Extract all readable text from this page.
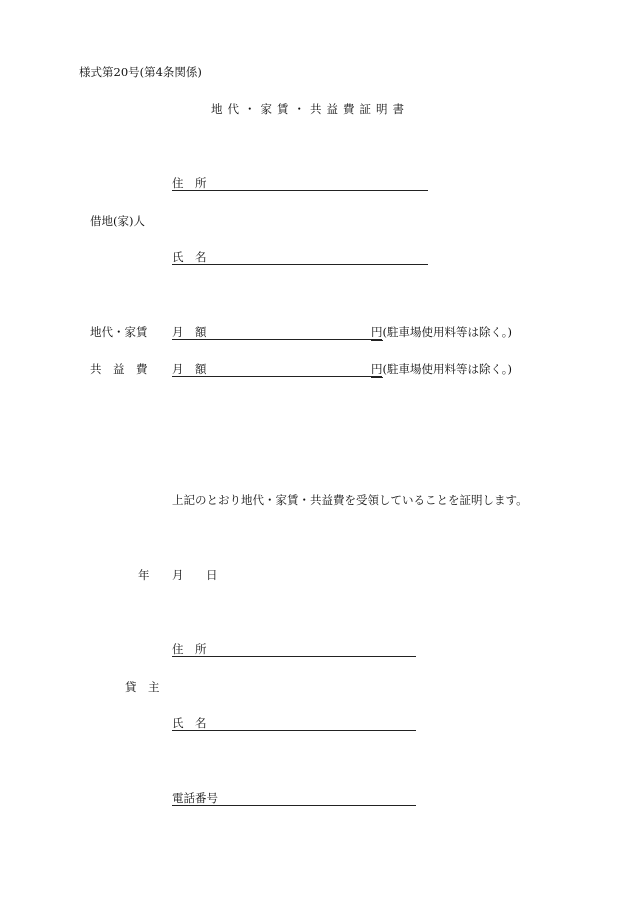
様式第20号(第4条関係)
地代・家賃・共益費証明書
借地(家)人
住　所
氏　名
地代・家賃 月　額	円(駐車場使用料等は除く。)
共　益　費 月　額	円(駐車場使用料等は除く。)
上記のとおり地代・家賃・共益費を受領していることを証明します。
年 月 日
貸　主
住　所
氏　名
電話番号
